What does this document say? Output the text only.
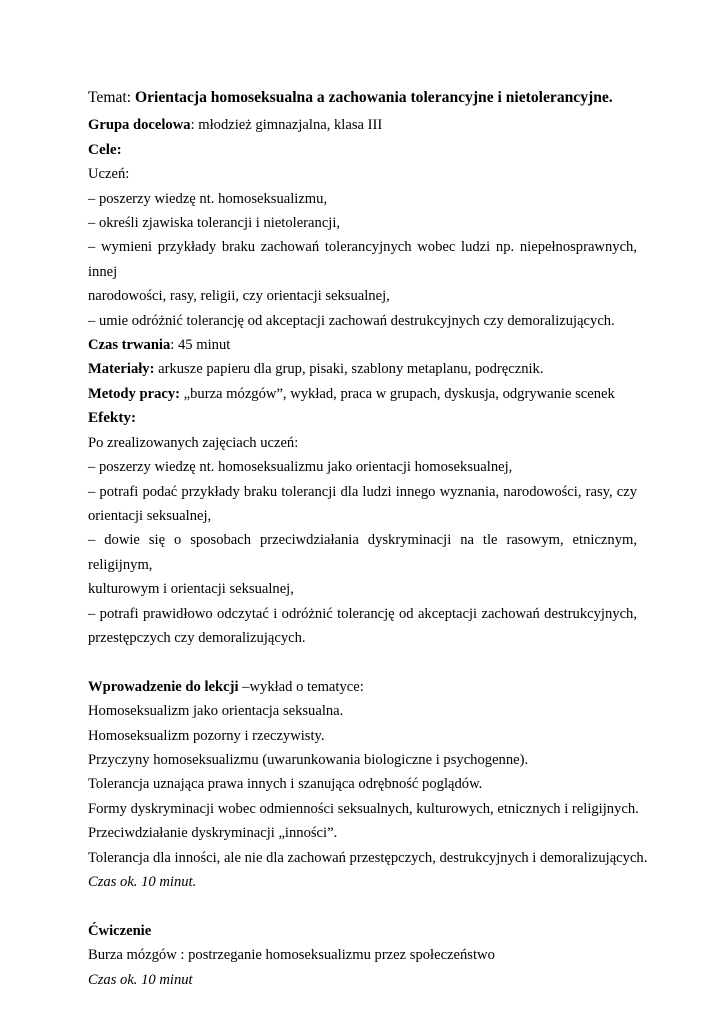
Temat: Orientacja homoseksualna a zachowania tolerancyjne i nietolerancyjne.
Grupa docelowa: młodzież gimnazjalna, klasa III
Cele:
Uczeń:
– poszerzy wiedzę nt. homoseksualizmu,
– określi zjawiska tolerancji i nietolerancji,
– wymieni przykłady braku zachowań tolerancyjnych wobec ludzi np. niepełnosprawnych, innej
narodowości, rasy, religii, czy orientacji seksualnej,
– umie odróżnić tolerancję od akceptacji zachowań destrukcyjnych czy demoralizujących.
Czas trwania: 45 minut
Materiały: arkusze papieru dla grup, pisaki, szablony metaplanu, podręcznik.
Metody pracy: „burza mózgów”, wykład, praca w grupach, dyskusja, odgrywanie scenek
Efekty:
Po zrealizowanych zajęciach uczeń:
– poszerzy wiedzę nt. homoseksualizmu jako orientacji homoseksualnej,
– potrafi podać przykłady braku tolerancji dla ludzi innego wyznania, narodowości, rasy, czy
orientacji seksualnej,
– dowie się o sposobach przeciwdziałania dyskryminacji na tle rasowym, etnicznym, religijnym,
kulturowym i orientacji seksualnej,
– potrafi prawidłowo odczytać i odróżnić tolerancję od akceptacji zachowań destrukcyjnych,
przestępczych czy demoralizujących.
Wprowadzenie do lekcji –wykład o tematyce:
Homoseksualizm jako orientacja seksualna.
Homoseksualizm pozorny i rzeczywisty.
Przyczyny homoseksualizmu (uwarunkowania biologiczne i psychogenne).
Tolerancja uznająca prawa innych i szanująca odrębność poglądów.
Formy dyskryminacji wobec odmienności seksualnych, kulturowych, etnicznych i religijnych.
Przeciwdziałanie dyskryminacji „inności”.
Tolerancja dla inności, ale nie dla zachowań przestępczych, destrukcyjnych i demoralizujących.
Czas ok. 10 minut.
Ćwiczenie
Burza mózgów : postrzeganie homoseksualizmu przez społeczeństwo
Czas ok. 10 minut
